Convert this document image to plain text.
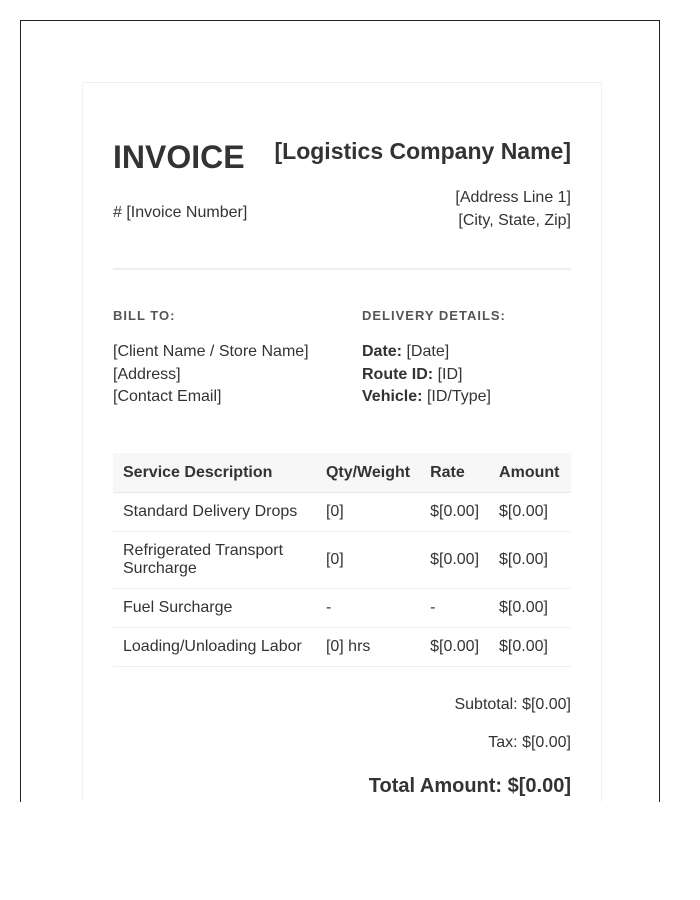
INVOICE [Logistics Company Name]
# [Invoice Number]
[Address Line 1]
[City, State, Zip]
BILL TO:	DELIVERY DETAILS:
[Client Name / Store Name]
[Address]
[Contact Email]
Date: [Date]
Route ID: [ID]
Vehicle: [ID/Type]
Service Description	Qty/Weight	Rate	Amount
Standard Delivery Drops	[0]	$[0.00]	$[0.00]
Refrigerated Transport Surcharge	[0]	$[0.00]	$[0.00]
Fuel Surcharge	-	-	$[0.00]
Loading/Unloading Labor	[0] hrs	$[0.00]	$[0.00]
Subtotal: $[0.00]
Tax: $[0.00]
Total Amount: $[0.00]
